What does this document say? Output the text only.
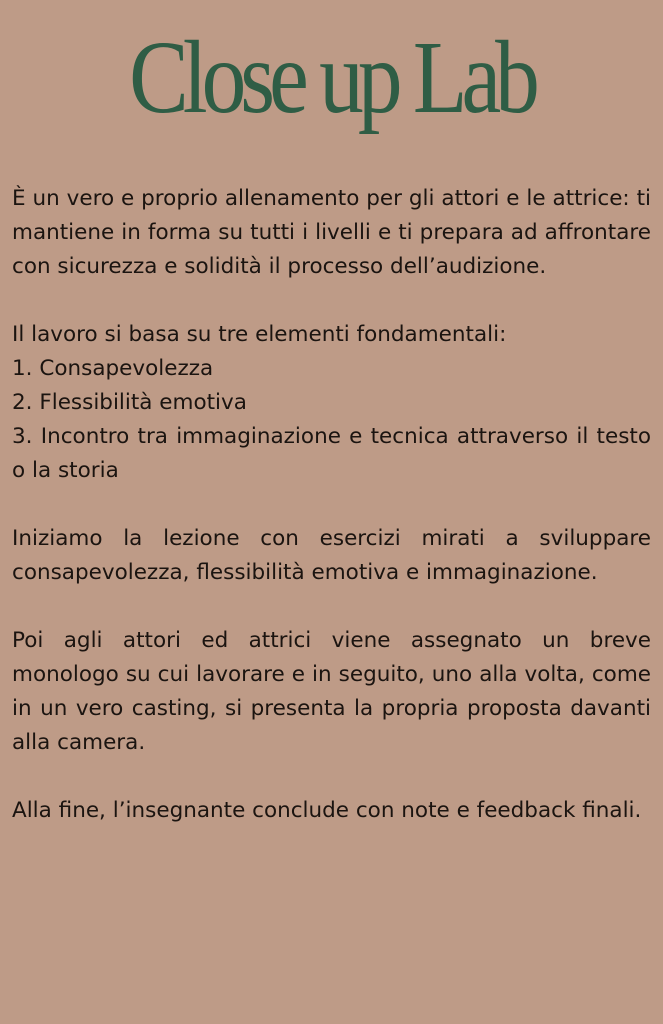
Close up Lab

È un vero e proprio allenamento per gli attori e le attrice: ti mantiene in forma su tutti i livelli e ti prepara ad affrontare con sicurezza e solidità il processo dell’audizione.

Il lavoro si basa su tre elementi fondamentali:

1. Consapevolezza

2. Flessibilità emotiva

3. Incontro tra immaginazione e tecnica attraverso il testo o la storia

Iniziamo la lezione con esercizi mirati a sviluppare consapevolezza, flessibilità emotiva e immaginazione.

Poi agli attori ed attrici viene assegnato un breve monologo su cui lavorare e in seguito, uno alla volta, come in un vero casting, si presenta la propria proposta davanti alla camera.

Alla fine, l’insegnante conclude con note e feedback finali.
